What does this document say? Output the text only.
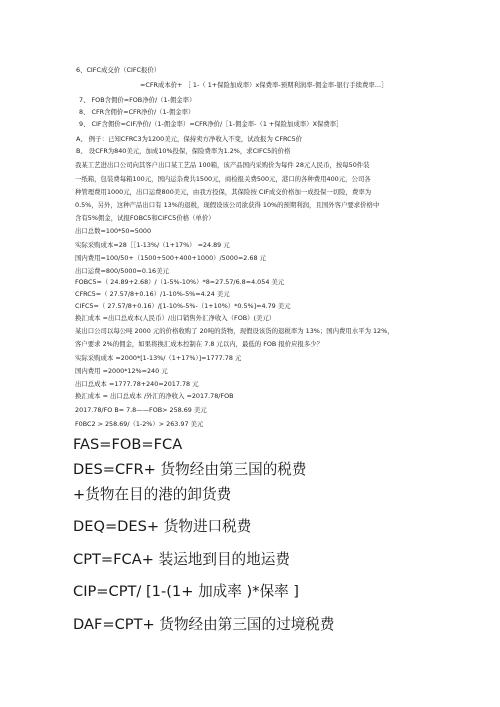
6、CIFC成交价（CIFC报价）
=CFR成本价+ ［ 1-（ 1+保险加成率）x保费率-预期利润率-佣金率-银行手续费率…］
7、 FOB含佣价=FOB净价/（1-佣金率）
8、 CFR含佣价=CFR净价/（1-佣金率）
9、 CIF含佣价=CIF净价/（1-佣金率）=CFR净价/［1-佣金率-（1 +保险加成率）X保费率］
A、 例子：已知CFRC3为1200美元，保持卖方净收入不变，试改报为 CFRC5价
B、 设CFR为840美元，加成10%投保，保险费率为1.2%，求CIFC5的价格
我某工艺进出口公司向其客户出口某工艺品 100箱，该产品国内采购价为每件 28元人民币，按每50件装
一纸箱，包装费每箱100元，国内运杂费共1500元，商检报关费500元，港口的各种费用400元，公司各
种管理费用1000元，出口运费800美元，由我方投保，其保险按 CIF成交价格加一成投保一切险，费率为
0.5%，另外，这种产品出口有 13%的退税，现假设该公司欲获得 10%的预期利润，且国外客户要求价格中
含有5%佣金，试报FOBC5和CIFC5价格（单价）
出口总数=100*50=5000
实际采购成本=28［［1-13%/（1+17%） =24.89 元
国内费用=100/50+（1500+500+400+1000）/5000=2.68 元
出口运费=800/5000=0.16美元
FOBC5=（ 24.89+2.68）/（1-5%-10%）*8=27.57/6.8=4.054 美元
CFRC5=（ 27.57/8+0.16）/1-10%-5%=4.24 美元
CIFC5=（ 27.57/8+0.16）/[1-10%-5%-（1+10%）*0.5%]=4.79 美元
换汇成本 =出口总成本(人民币）/出口销售外汇净收入（FOB）(美元）
某出口公司以每公吨 2000 元的价格收购了 20吨的货物，现假设该货的退税率为 13%；国内费用水平为 12%，
客户要求 2%的佣金，如果将换汇成本控制在 7.8 元以内，最低的 FOB 报价应报多少？
实际采购成本 =2000*[1-13%/（1+17%）]=1777.78 元
国内费用 =2000*12%=240 元
出口总成本 =1777.78+240=2017.78 元
换汇成本 = 出口总成本 /外汇的净收入 =2017.78/FOB
2017.78/FO B= 7.8——FOB> 258.69 美元
F0BC2 > 258.69/（1-2%）> 263.97 美元
FAS=FOB=FCA
DES=CFR+ 货物经由第三国的税费
+货物在目的港的卸货费
DEQ=DES+ 货物进口税费
CPT=FCA+ 装运地到目的地运费
CIP=CPT/ [1-(1+ 加成率 )*保率 ]
DAF=CPT+ 货物经由第三国的过境税费
